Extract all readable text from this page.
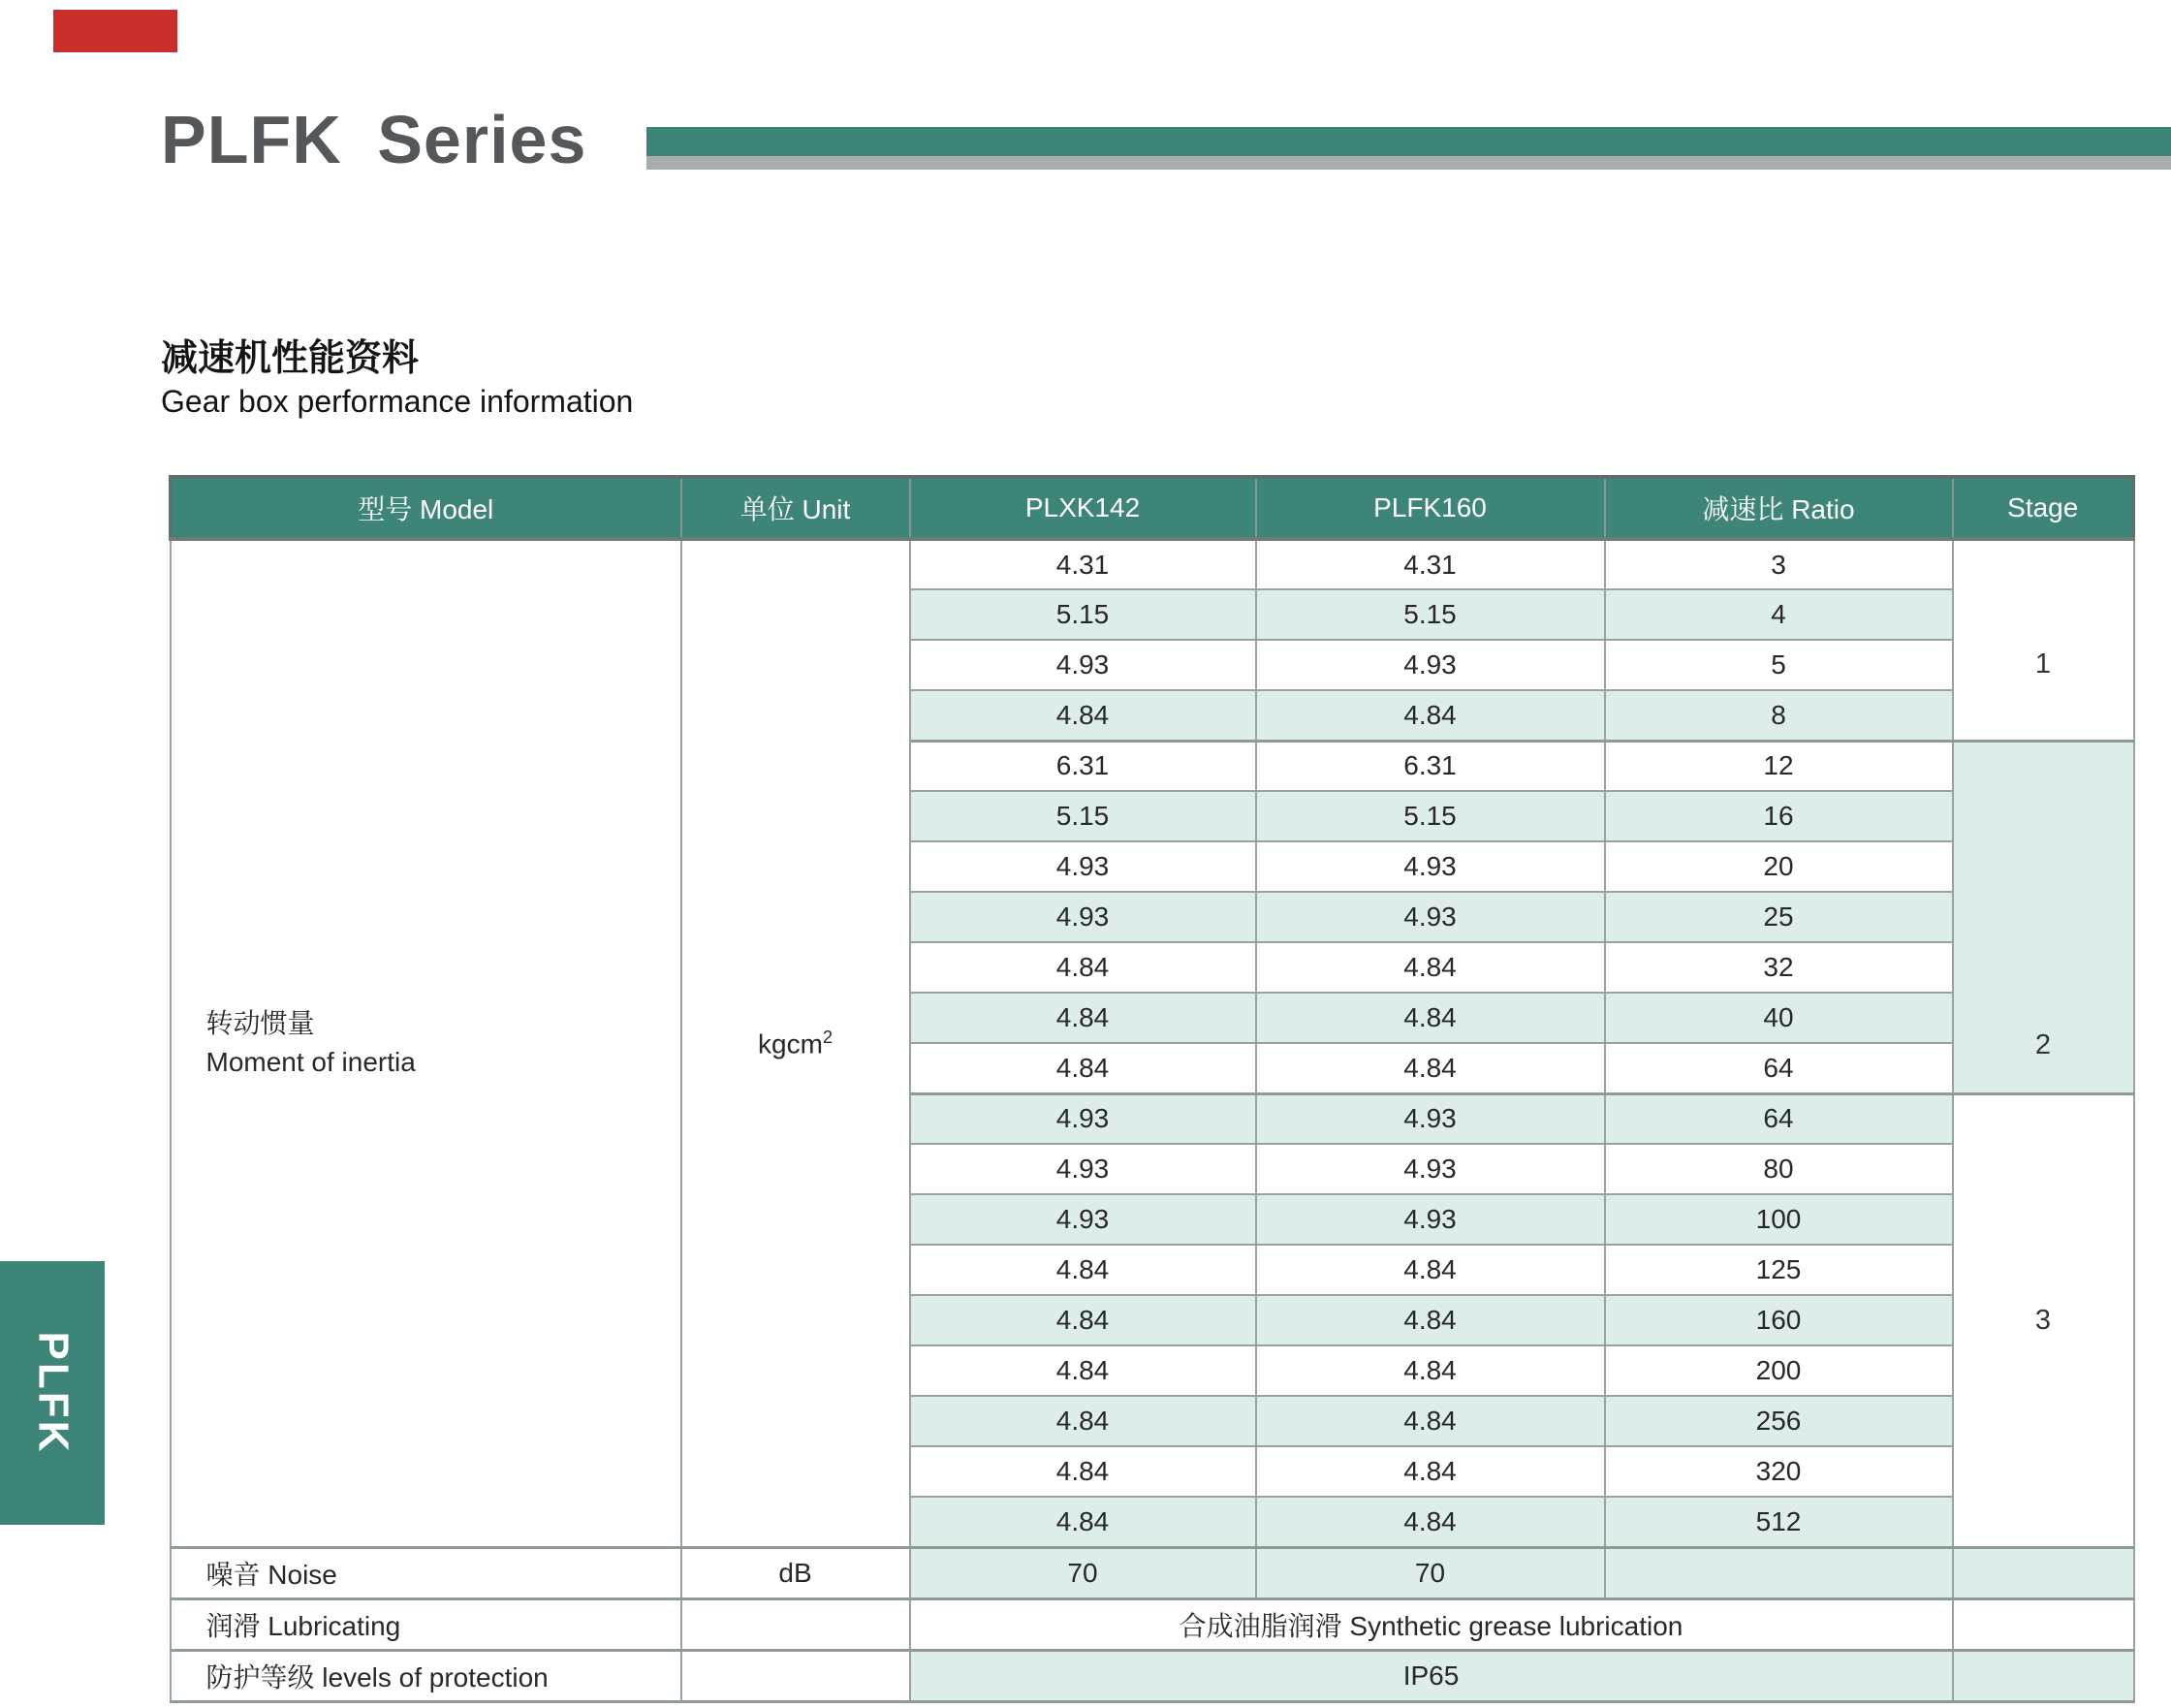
PLFK Series
减速机性能资料
Gear box performance information
型号 Model	单位 Unit	PLXK142	PLFK160	减速比 Ratio	Stage
转动惯量
Moment of inertia	kgcm$^2$	4.31	4.31	3	1
		5.15	5.15	4	
		4.93	4.93	5	
		4.84	4.84	8	
		6.31	6.31	12	2
		5.15	5.15	16	
		4.93	4.93	20	
		4.93	4.93	25	
		4.84	4.84	32	
		4.84	4.84	40	
		4.84	4.84	64	
		4.93	4.93	64	3
		4.93	4.93	80	
		4.93	4.93	100	
		4.84	4.84	125	
		4.84	4.84	160	
		4.84	4.84	200	
		4.84	4.84	256	
		4.84	4.84	320	
		4.84	4.84	512	
噪音 Noise	dB	70	70		
润滑 Lubricating		合成油脂润滑 Synthetic grease lubrication			
防护等级 levels of protection		IP65			
PLFK
